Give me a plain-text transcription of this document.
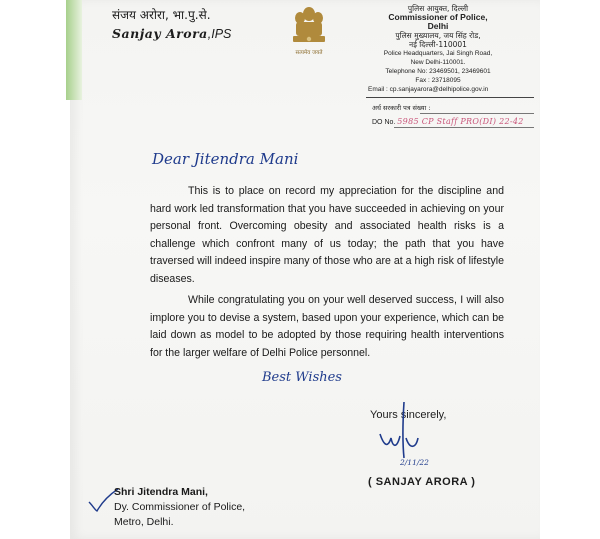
संजय अरोरा, भा.पु.से.
Sanjay Arora,IPS
सत्यमेव जयते
पुलिस आयुक्त, दिल्ली
Commissioner of Police,
Delhi
पुलिस मुख्यालय, जय सिंह रोड,
नई दिल्ली-110001
Police Headquarters, Jai Singh Road,
New Delhi-110001.
Telephone No: 23469501, 23469601
Fax : 23718095
Email : cp.sanjayarora@delhipolice.gov.in
अर्ध सरकारी पत्र संख्या :
DO No. 5985 CP Staff PRO(DI) 22-42
Dear Jitendra Mani
This is to place on record my appreciation for the discipline and hard work led transformation that you have succeeded in achieving on your personal front. Overcoming obesity and associated health risks is a challenge which confront many of us today; the path that you have traversed will indeed inspire many of those who are at a high risk of lifestyle diseases.
While congratulating you on your well deserved success, I will also implore you to devise a system, based upon your experience, which can be laid down as model to be adopted by those requiring health interventions for the larger welfare of Delhi Police personnel.
Best Wishes
Yours sincerely,
2/11/22
( SANJAY ARORA )
Shri Jitendra Mani,
Dy. Commissioner of Police,
Metro, Delhi.
